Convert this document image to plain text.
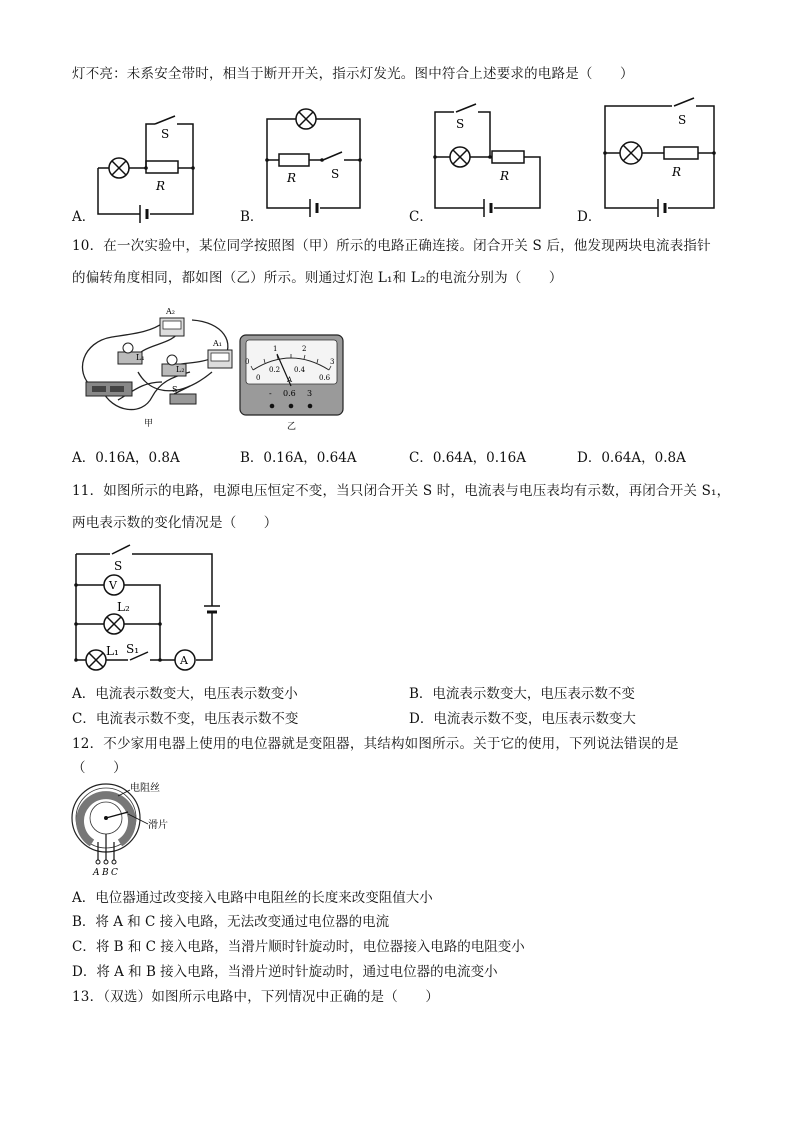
灯不亮：未系安全带时，相当于断开开关，指示灯发光。图中符合上述要求的电路是（　　）
S
R
A．
R	S
B．
S
R
C．
S
R
D．
10．在一次实验中，某位同学按照图（甲）所示的电路正确连接。闭合开关 S 后，他发现两块电流表指针
的偏转角度相同，都如图（乙）所示。则通过灯泡 L₁和 L₂的电流分别为（　　）
A₂
A₁
L₁
L₂
S
甲
0
1	2
3
0
0.2 0.4
0.6
A
- 0.6 3
乙
A．0.16A，0.8A	B．0.16A，0.64A	C．0.64A，0.16A	D．0.64A，0.8A
11．如图所示的电路，电源电压恒定不变，当只闭合开关 S 时，电流表与电压表均有示数，再闭合开关 S₁，
两电表示数的变化情况是（　　）
S
V
L₂
L₁ S₁
A
A．电流表示数变大，电压表示数变小	B．电流表示数变大，电压表示数不变
C．电流表示数不变，电压表示数不变	D．电流表示数不变，电压表示数变大
12．不少家用电器上使用的电位器就是变阻器，其结构如图所示。关于它的使用，下列说法错误的是
（　　）
电阻丝
滑片
A B C
A．电位器通过改变接入电路中电阻丝的长度来改变阻值大小
B．将 A 和 C 接入电路，无法改变通过电位器的电流
C．将 B 和 C 接入电路，当滑片顺时针旋动时，电位器接入电路的电阻变小
D．将 A 和 B 接入电路，当滑片逆时针旋动时，通过电位器的电流变小
13．（双选）如图所示电路中，下列情况中正确的是（　　）
